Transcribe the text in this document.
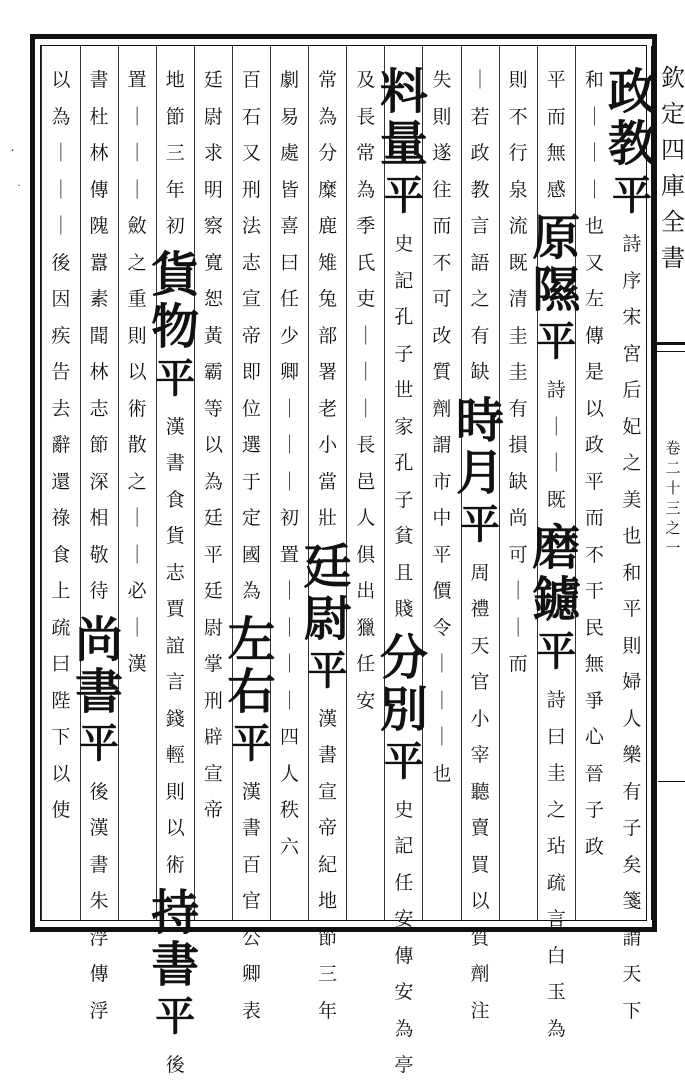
欽
定
四
庫
全
書
卷
二
十
三
之
一
政
教
平
詩
序
宋
宮
后
妃
之
美
也
和
平
則
婦
人
樂
有
子
矣
箋
謂
天
下
和
｜
｜
｜
也
又
左
傳
是
以
政
平
而
不
干
民
無
爭
心
晉
子
政
平
而
無
感
原
隰
平
詩
｜
｜
既
磨
鑢
平
詩
曰
圭
之
玷
疏
言
白
玉
為
則
不
行
泉
流
既
清
圭
圭
有
損
缺
尚
可
｜
｜
而
｜
若
政
教
言
語
之
有
缺
時
月
平
周
禮
天
官
小
宰
聽
賣
買
以
質
劑
注
失
則
遂
往
而
不
可
改
質
劑
謂
市
中
平
價
令
｜
｜
｜
也
料
量
平
史
記
孔
子
世
家
孔
子
貧
且
賤
分
別
平
史
記
任
安
傳
安
為
亭
及
長
常
為
季
氏
吏
｜
｜
｜
長
邑
人
俱
出
獵
任
安
常
為
分
糜
鹿
雉
兔
部
署
老
小
當
壯
廷
尉
平
漢
書
宣
帝
紀
地
節
三
年
劇
易
處
皆
喜
曰
任
少
卿
｜
｜
｜
初
置
｜
｜
｜
｜
四
人
秩
六
百
石
又
刑
法
志
宣
帝
即
位
選
于
定
國
為
左
右
平
漢
書
百
官
公
卿
表
廷
尉
求
明
察
寬
恕
黃
霸
等
以
為
廷
平
廷
尉
掌
刑
辟
宣
帝
地
節
三
年
初
貨
物
平
漢
書
食
貨
志
賈
誼
言
錢
輕
則
以
術
持
書
平
後
置
｜
｜
｜
斂
之
重
則
以
術
散
之
｜
｜
必
｜
漢
書
杜
林
傳
隗
囂
素
聞
林
志
節
深
相
敬
待
尚
書
平
後
漢
書
朱
浮
傳
浮
以
為
｜
｜
｜
後
因
疾
告
去
辭
還
祿
食
上
疏
曰
陛
下
以
使
˙
˙
